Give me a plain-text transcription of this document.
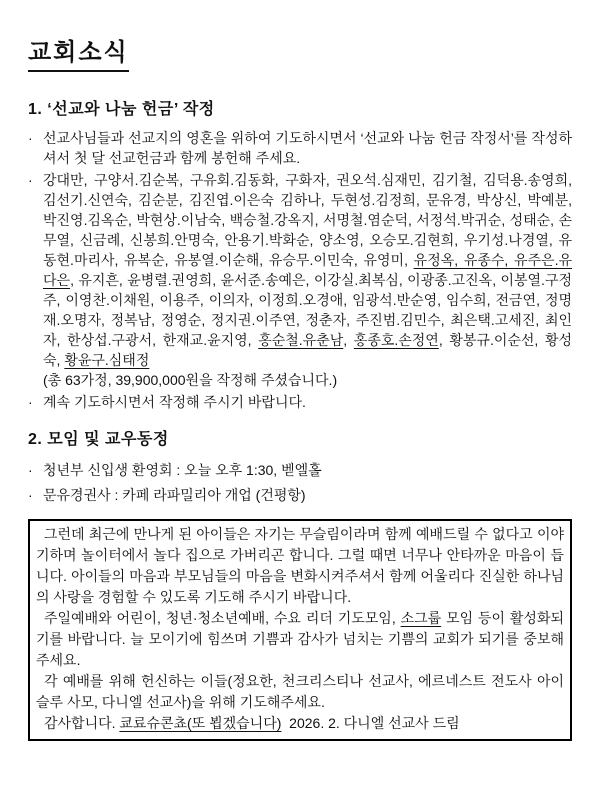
교회소식
1. ‘선교와 나눔 헌금’ 작정
· 선교사님들과 선교지의 영혼을 위하여 기도하시면서 ‘선교와 나눔 헌금 작정서’를 작성하셔서 첫 달 선교헌금과 함께 봉헌해 주세요.
· 강대만, 구양서.김순복, 구유회.김동화, 구화자, 권오석.심재민, 김기철, 김덕용.송영희, 김선기.신연숙, 김순분, 김진엽.이은숙 김하나, 두현성.김정희, 문유경, 박상신, 박예분, 박진영.김옥순, 박현상.이남숙, 백승철.강옥지, 서명철.염순덕, 서정석.박귀순, 성태순, 손무열, 신금례, 신봉희.안명숙, 안용기.박화순, 양소영, 오승모.김현희, 우기성.나경열, 유동현.마리사, 유복순, 유봉열.이순해, 유승무.이민숙, 유영미, 유정옥, 유종수, 유주은.유다은, 유지흔, 윤병렬.권영희, 윤서준.송예은, 이강실.최복심, 이광종.고진옥, 이봉열.구정주, 이영찬.이채원, 이용주, 이의자, 이정희.오경애, 임광석.반순영, 임수희, 전금연, 정명재.오명자, 정복남, 정영순, 정지권.이주연, 정춘자, 주진범.김민수, 최은택.고세진, 최인자, 한상섭.구광서, 한재교.윤지영, 홍순철.유춘남, 홍종호.손정연, 황봉규.이순선, 황성숙, 황윤구.심태정
(총 63가정, 39,900,000원을 작정해 주셨습니다.)
· 계속 기도하시면서 작정해 주시기 바랍니다.
2. 모임 및 교우동정
· 청년부 신입생 환영회 : 오늘 오후 1:30, 벧엘홀
· 문유경권사 : 카페 라파밀리아 개업 (건평항)

그런데 최근에 만나게 된 아이들은 자기는 무슬림이라며 함께 예배드릴 수 없다고 이야기하며 놀이터에서 놀다 집으로 가버리곤 합니다. 그럴 때면 너무나 안타까운 마음이 듭니다. 아이들의 마음과 부모님들의 마음을 변화시켜주셔서 함께 어울리다 진실한 하나님의 사랑을 경험할 수 있도록 기도해 주시기 바랍니다.

주일예배와 어린이, 청년·청소년예배, 수요 리더 기도모임, 소그룹 모임 등이 활성화되기를 바랍니다. 늘 모이기에 힘쓰며 기쁨과 감사가 넘치는 기쁨의 교회가 되기를 중보해주세요.

각 예배를 위해 헌신하는 이들(정요한, 천크리스티나 선교사, 에르네스트 전도사 아이슬루 사모, 다니엘 선교사)을 위해 기도해주세요.

감사합니다. 쿄료슈콘쵸(또 뵙겠습니다)  2026. 2. 다니엘 선교사 드림
